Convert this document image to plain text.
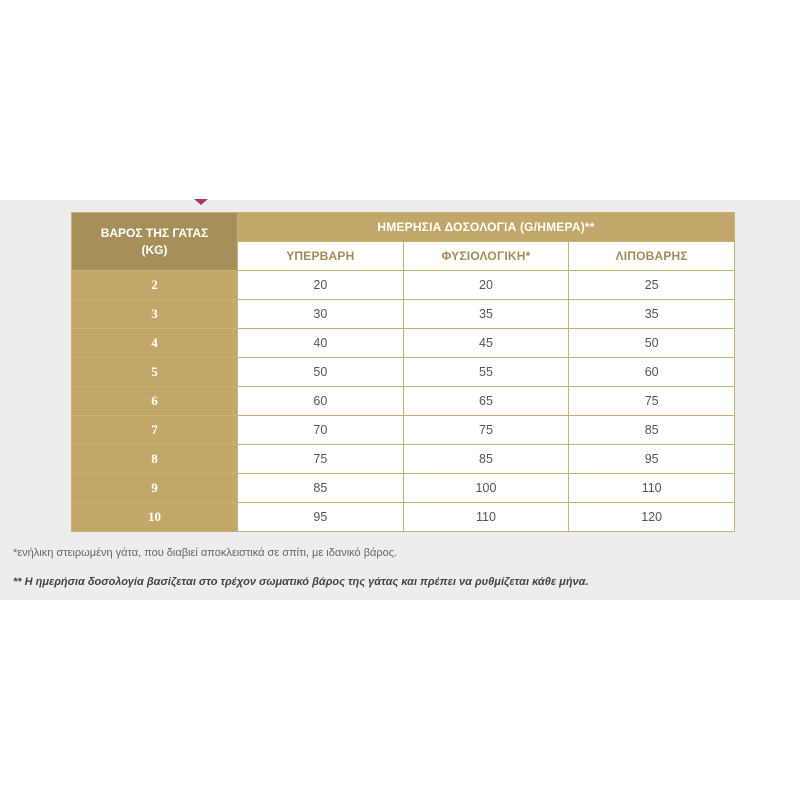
ΒΑΡΟΣ ΤΗΣ ΓΑΤΑΣ
(KG)	ΗΜΕΡΗΣΙΑ ΔΟΣΟΛΟΓΙΑ (G/ΗΜΕΡΑ)**		
	ΥΠΕΡΒΑΡΗ	ΦΥΣΙΟΛΟΓΙΚΗ*	ΛΙΠΟΒΑΡΗΣ
2	20	20	25
3	30	35	35
4	40	45	50
5	50	55	60
6	60	65	75
7	70	75	85
8	75	85	95
9	85	100	110
10	95	110	120
*ενήλικη στειρωμένη γάτα, που διαβιεί αποκλειστικά σε σπίτι, με ιδανικό βάρος.
** Η ημερήσια δοσολογία βασίζεται στο τρέχον σωματικό βάρος της γάτας και πρέπει να ρυθμίζεται κάθε μήνα.
